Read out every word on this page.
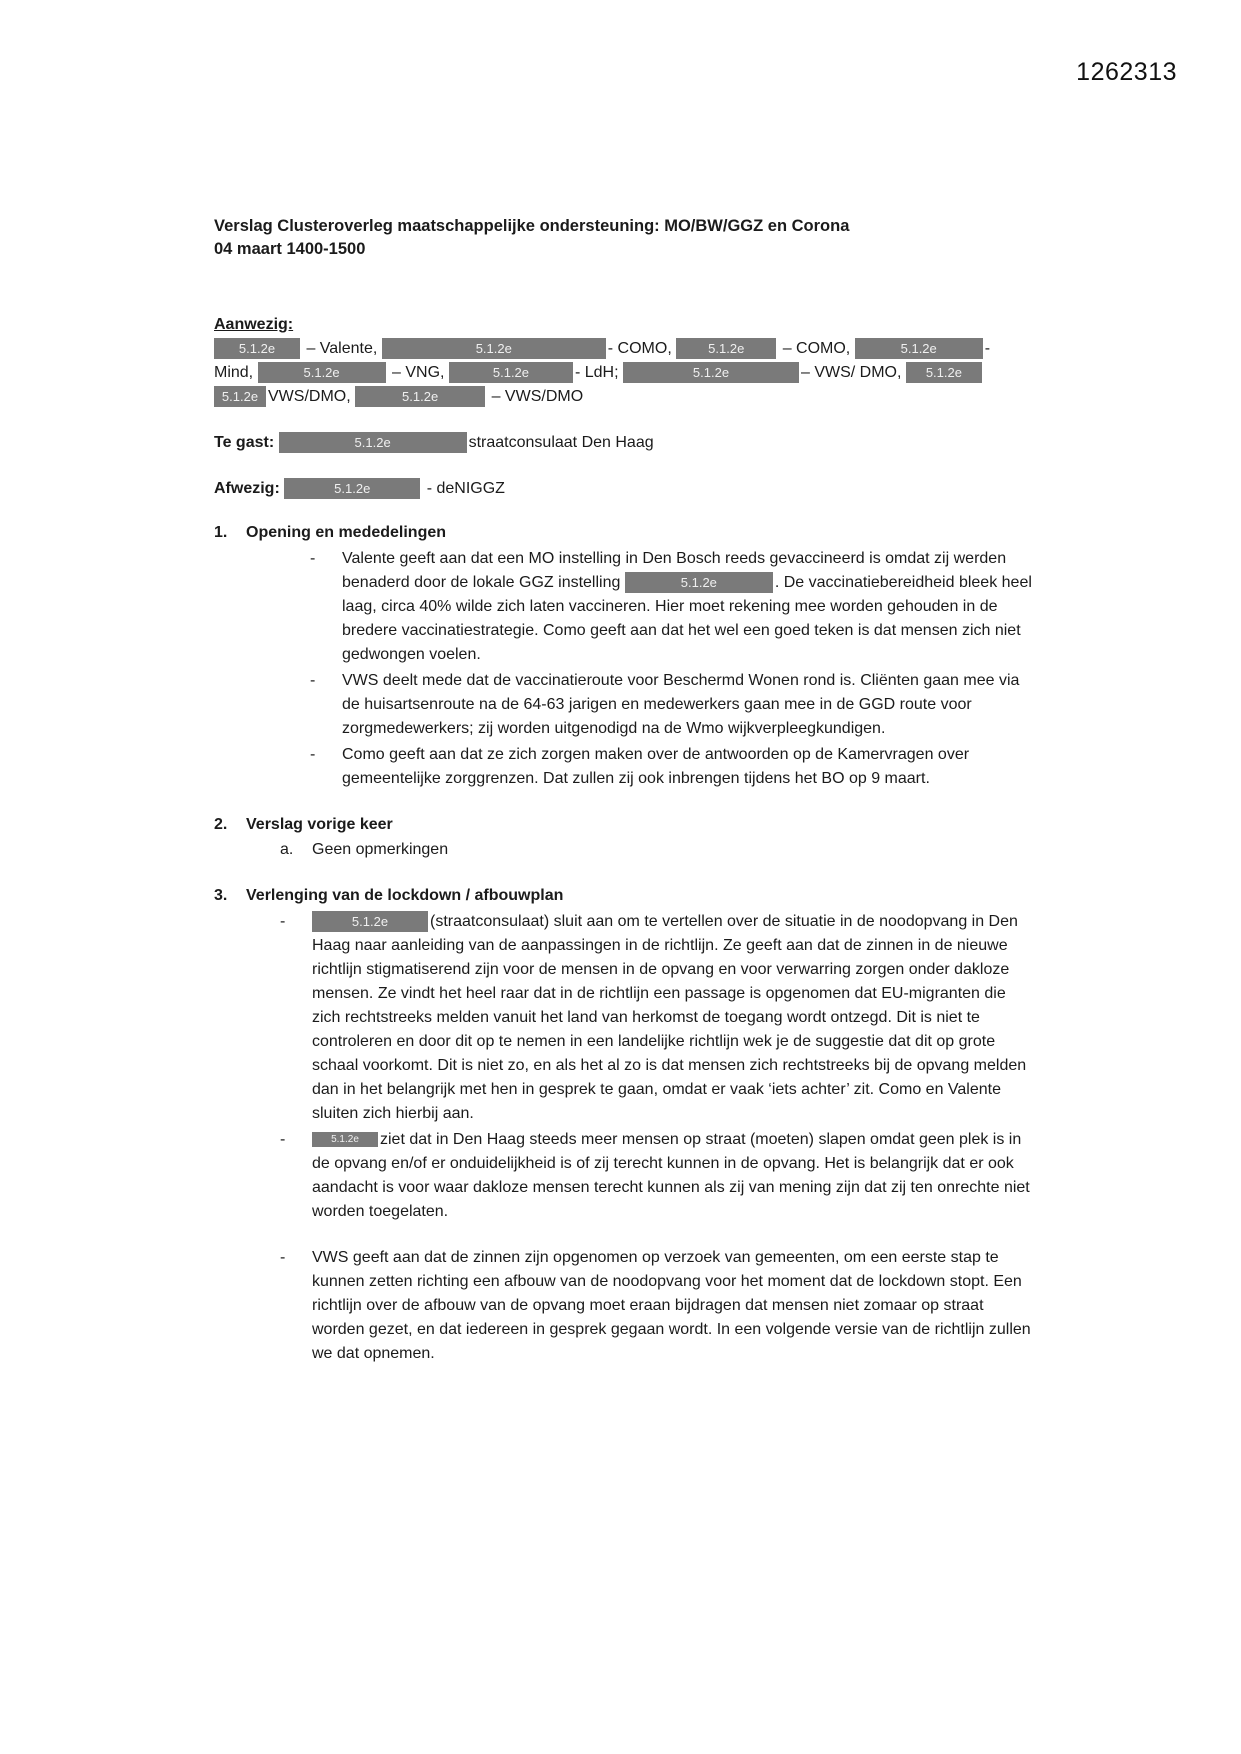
1262313
Verslag Clusteroverleg maatschappelijke ondersteuning: MO/BW/GGZ en Corona
04 maart 1400-1500
Aanwezig:
5.1.2e – Valente,	5.1.2e	- COMO,	5.1.2e – COMO,	5.1.2e	-
Mind,	5.1.2e	– VNG,	5.1.2e	- LdH;	5.1.2e	– VWS/ DMO, 5.1.2e
5.1.2e VWS/DMO,	5.1.2e	– VWS/DMO
Te gast:	5.1.2e	straatconsulaat Den Haag
Afwezig:	5.1.2e	- deNIGGZ
1. Opening en mededelingen
- Valente geeft aan dat een MO instelling in Den Bosch reeds gevaccineerd is omdat zij werden benaderd door de lokale GGZ instelling	5.1.2e	. De vaccinatiebereidheid bleek heel laag, circa 40% wilde zich laten vaccineren. Hier moet rekening mee worden gehouden in de bredere vaccinatiestrategie. Como geeft aan dat het wel een goed teken is dat mensen zich niet gedwongen voelen.
- VWS deelt mede dat de vaccinatieroute voor Beschermd Wonen rond is. Cliënten gaan mee via de huisartsenroute na de 64-63 jarigen en medewerkers gaan mee in de GGD route voor zorgmedewerkers; zij worden uitgenodigd na de Wmo wijkverpleegkundigen.
- Como geeft aan dat ze zich zorgen maken over de antwoorden op de Kamervragen over gemeentelijke zorggrenzen. Dat zullen zij ook inbrengen tijdens het BO op 9 maart.
2. Verslag vorige keer
a. Geen opmerkingen
3. Verlenging van de lockdown / afbouwplan
-	5.1.2e	(straatconsulaat) sluit aan om te vertellen over de situatie in de noodopvang in Den Haag naar aanleiding van de aanpassingen in de richtlijn. Ze geeft aan dat de zinnen in de nieuwe richtlijn stigmatiserend zijn voor de mensen in de opvang en voor verwarring zorgen onder dakloze mensen. Ze vindt het heel raar dat in de richtlijn een passage is opgenomen dat EU-migranten die zich rechtstreeks melden vanuit het land van herkomst de toegang wordt ontzegd. Dit is niet te controleren en door dit op te nemen in een landelijke richtlijn wek je de suggestie dat dit op grote schaal voorkomt. Dit is niet zo, en als het al zo is dat mensen zich rechtstreeks bij de opvang melden dan in het belangrijk met hen in gesprek te gaan, omdat er vaak ‘iets achter’ zit. Como en Valente sluiten zich hierbij aan.
-	5.1.2e ziet dat in Den Haag steeds meer mensen op straat (moeten) slapen omdat geen plek is in de opvang en/of er onduidelijkheid is of zij terecht kunnen in de opvang. Het is belangrijk dat er ook aandacht is voor waar dakloze mensen terecht kunnen als zij van mening zijn dat zij ten onrechte niet worden toegelaten.
- VWS geeft aan dat de zinnen zijn opgenomen op verzoek van gemeenten, om een eerste stap te kunnen zetten richting een afbouw van de noodopvang voor het moment dat de lockdown stopt. Een richtlijn over de afbouw van de opvang moet eraan bijdragen dat mensen niet zomaar op straat worden gezet, en dat iedereen in gesprek gegaan wordt. In een volgende versie van de richtlijn zullen we dat opnemen.
